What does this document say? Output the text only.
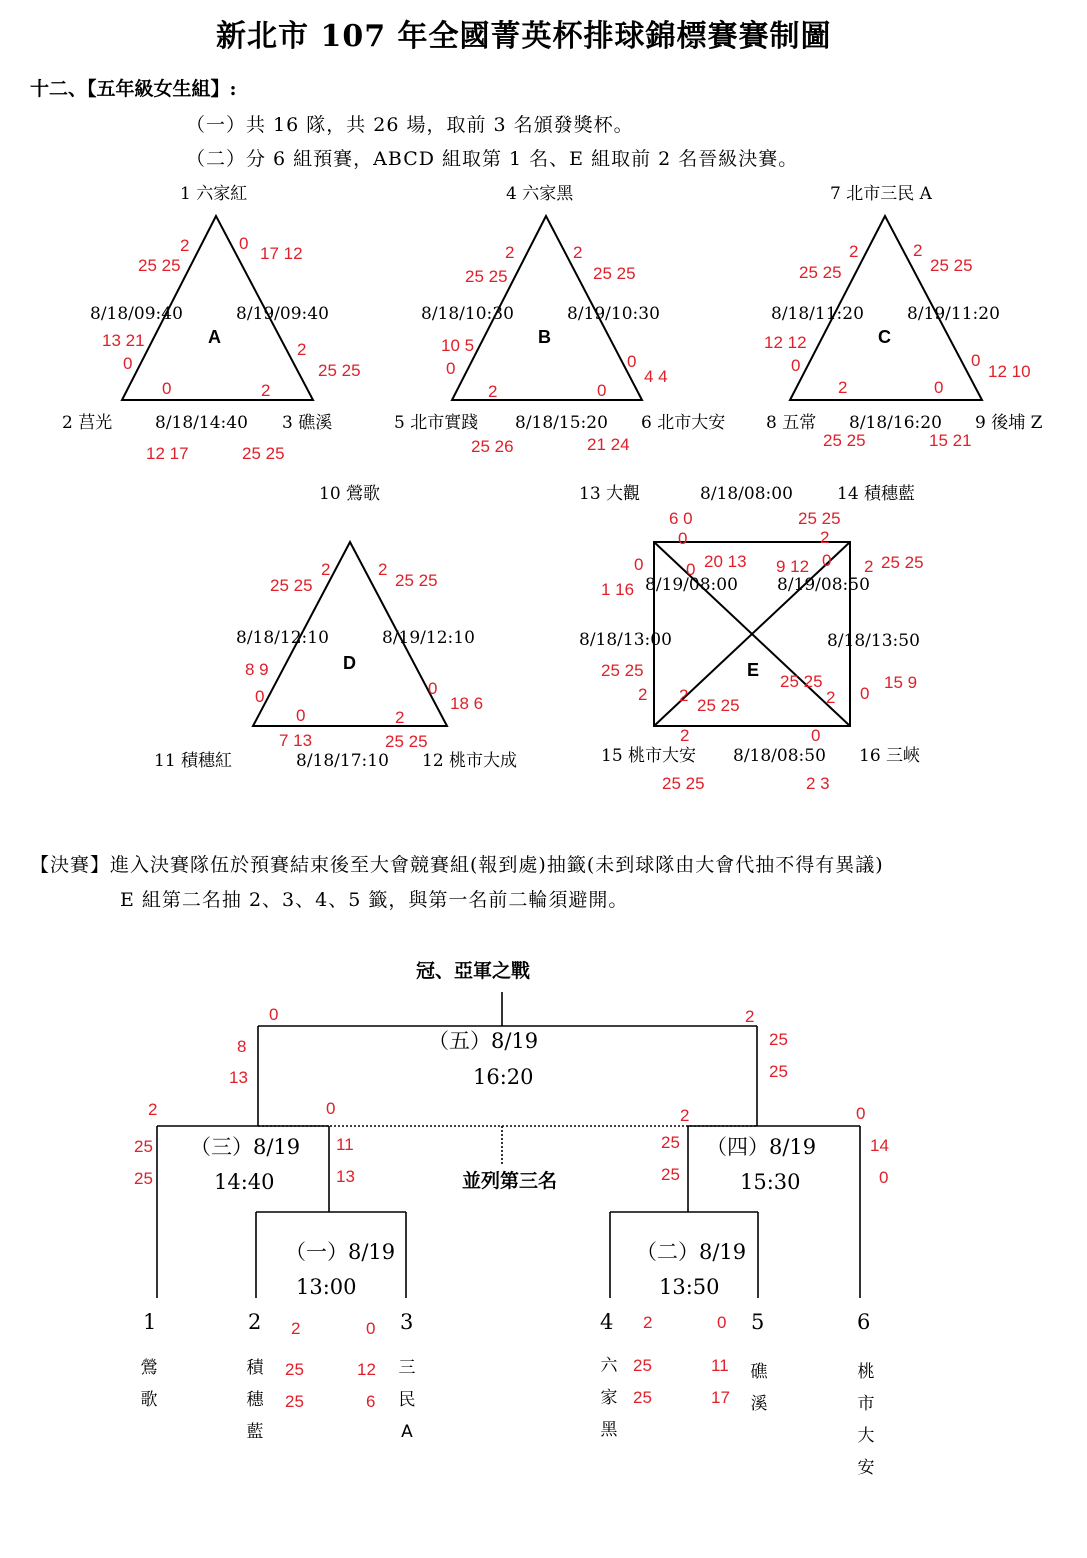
新北市 107 年全國菁英杯排球錦標賽賽制圖
十二、【五年級女生組】:
（一）共 16 隊，共 26 場，取前 3 名頒發獎杯。
（二）分 6 組預賽，ABCD 組取第 1 名、E 組取前 2 名晉級決賽。
1 六家紅
2 莒光	3 礁溪
8/18/09:40	8/19/09:40
8/18/14:40
A
2
25 25
0
17 12
13 21
0
2
25 25
0	2
12 17	25 25
4 六家黑
5 北市實踐	6 北市大安
8/18/10:30	8/19/10:30
8/18/15:20
B
2
25 25
2
25 25
10 5
0	0
4 4
2	0
25 26	21 24
7 北市三民 A
8 五常	9 後埔 Z
8/18/11:20	8/19/11:20
8/18/16:20
C
2
25 25
2
25 25
12 12
0	0
12 10
2	0
25 25	15 21
10 鶯歌
11 積穗紅	12 桃市大成
8/18/12:10	8/19/12:10
8/18/17:10
D
25 25
2	2
25 25
8 9
0	0
18 6
0	2
7 13	25 25
13 大觀	14 積穗藍
15 桃市大安	16 三峽
8/18/08:00
8/18/08:50
8/18/13:00	8/18/13:50
8/19/08:00 8/19/08:50
E
6 0
0
25 25
2
0	0 20 13 9 12 0 2 25 25
1 16
25 25
2 2
25 25
25 25
2 0
15 9
2	0
25 25	2 3
【決賽】進入決賽隊伍於預賽結束後至大會競賽組(報到處)抽籤(未到球隊由大會代抽不得有異議)
E 組第二名抽 2、3、4、5 籤，與第一名前二輪須避開。
冠、亞軍之戰
（五）8/19
16:20
（三）8/19
14:40
（四）8/19
15:30
並列第三名
（一）8/19
13:00
（二）8/19
13:50
1	2	3	4	5	6
鶯
歌
積
穗
藍
三
民
A
六
家
黑
礁
溪
桃
市
大
安
0
8
13
2
25
25
2
25
25
0
11
13
2
25
25
0
14
0
2
25
25
0
12
6
2
25
25
0
11
17
